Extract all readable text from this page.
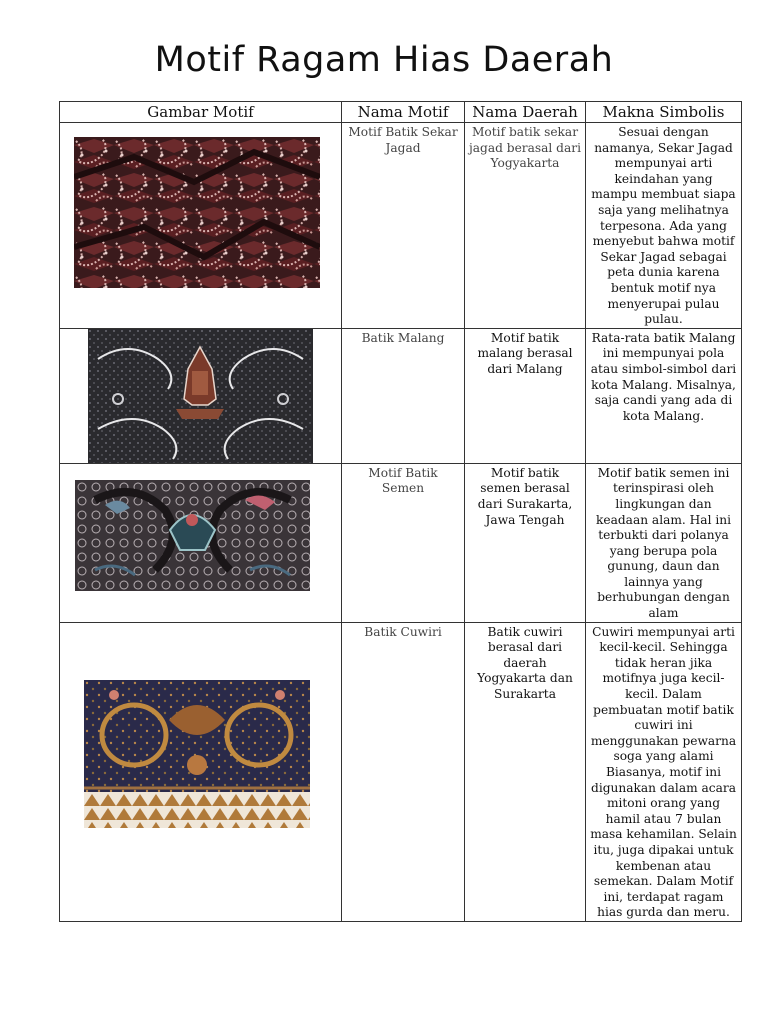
Motif Ragam Hias Daerah
Gambar Motif	Nama Motif	Nama Daerah	Makna Simbolis

	Motif Batik Sekar Jagad	Motif batik sekar jagad berasal dari Yogyakarta	Sesuai dengan namanya, Sekar Jagad mempunyai arti keindahan yang mampu membuat siapa saja yang melihatnya terpesona. Ada yang menyebut bahwa motif Sekar Jagad sebagai peta dunia karena bentuk motif nya menyerupai pulau pulau.

	Batik Malang	Motif batik malang berasal dari Malang	Rata-rata batik Malang ini mempunyai pola atau simbol-simbol dari kota Malang. Misalnya, saja candi yang ada di kota Malang.

	Motif Batik Semen	Motif batik semen berasal dari Surakarta, Jawa Tengah	Motif batik semen ini terinspirasi oleh lingkungan dan keadaan alam. Hal ini terbukti dari polanya yang berupa pola gunung, daun dan lainnya yang berhubungan dengan alam

	Batik Cuwiri	Batik cuwiri berasal dari daerah Yogyakarta dan Surakarta	Cuwiri mempunyai arti kecil-kecil. Sehingga tidak heran jika motifnya juga kecil-kecil. Dalam pembuatan motif batik cuwiri ini menggunakan pewarna soga yang alami Biasanya, motif ini digunakan dalam acara mitoni orang yang hamil atau 7 bulan masa kehamilan. Selain itu, juga dipakai untuk kembenan atau semekan. Dalam Motif ini, terdapat ragam hias gurda dan meru.
